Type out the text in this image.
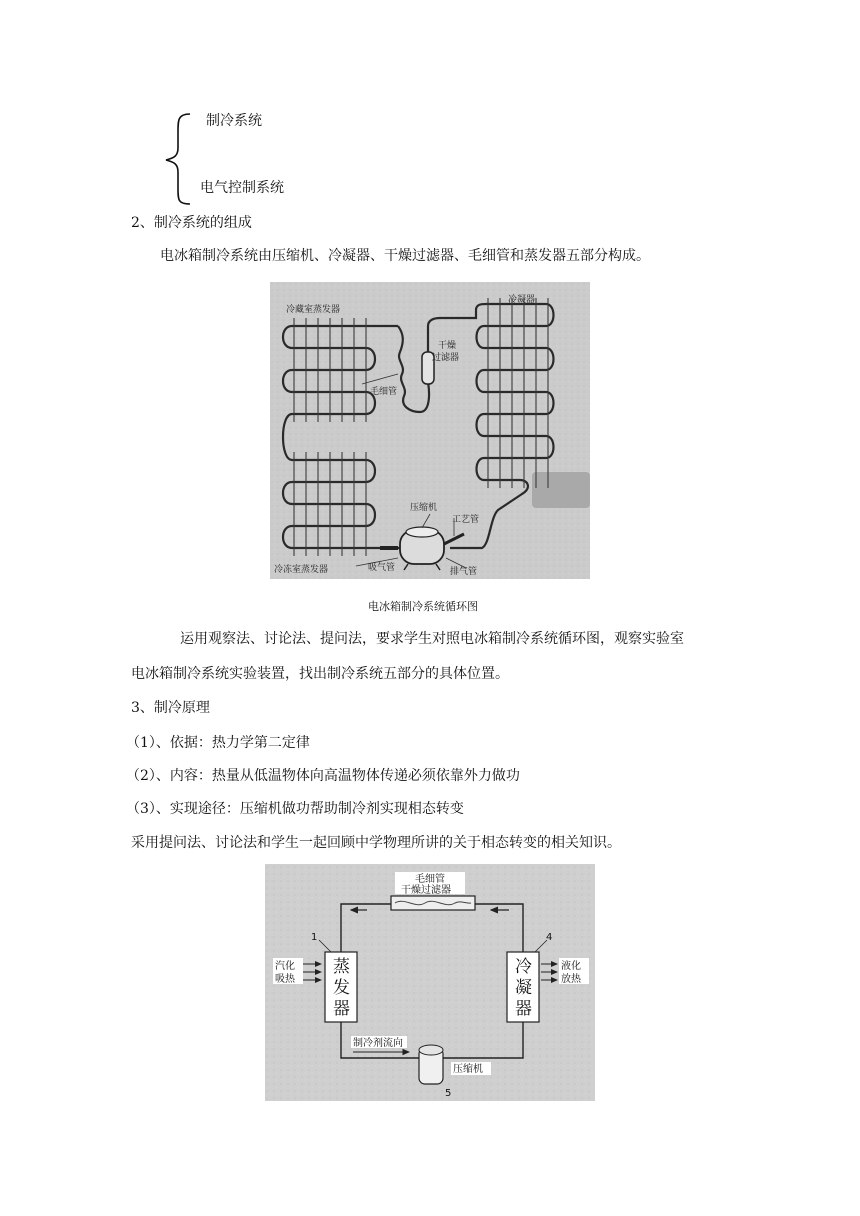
制冷系统
电气控制系统
2、制冷系统的组成
电冰箱制冷系统由压缩机、冷凝器、干燥过滤器、毛细管和蒸发器五部分构成。
冷藏室蒸发器
冷凝器
干燥
过滤器
毛细管
压缩机
工艺管
冷冻室蒸发器	吸气管	排气管
电冰箱制冷系统循环图
运用观察法、讨论法、提问法，要求学生对照电冰箱制冷系统循环图，观察实验室
电冰箱制冷系统实验装置，找出制冷系统五部分的具体位置。
3、制冷原理
（1）、依据：热力学第二定律
（2）、内容：热量从低温物体向高温物体传递必须依靠外力做功
（3）、实现途径：压缩机做功帮助制冷剂实现相态转变
采用提问法、讨论法和学生一起回顾中学物理所讲的关于相态转变的相关知识。
毛细管
干燥过滤器
蒸
发
器
1
冷
凝
器
4
汽化
吸热
液化
放热
制冷剂流向
压缩机
5
